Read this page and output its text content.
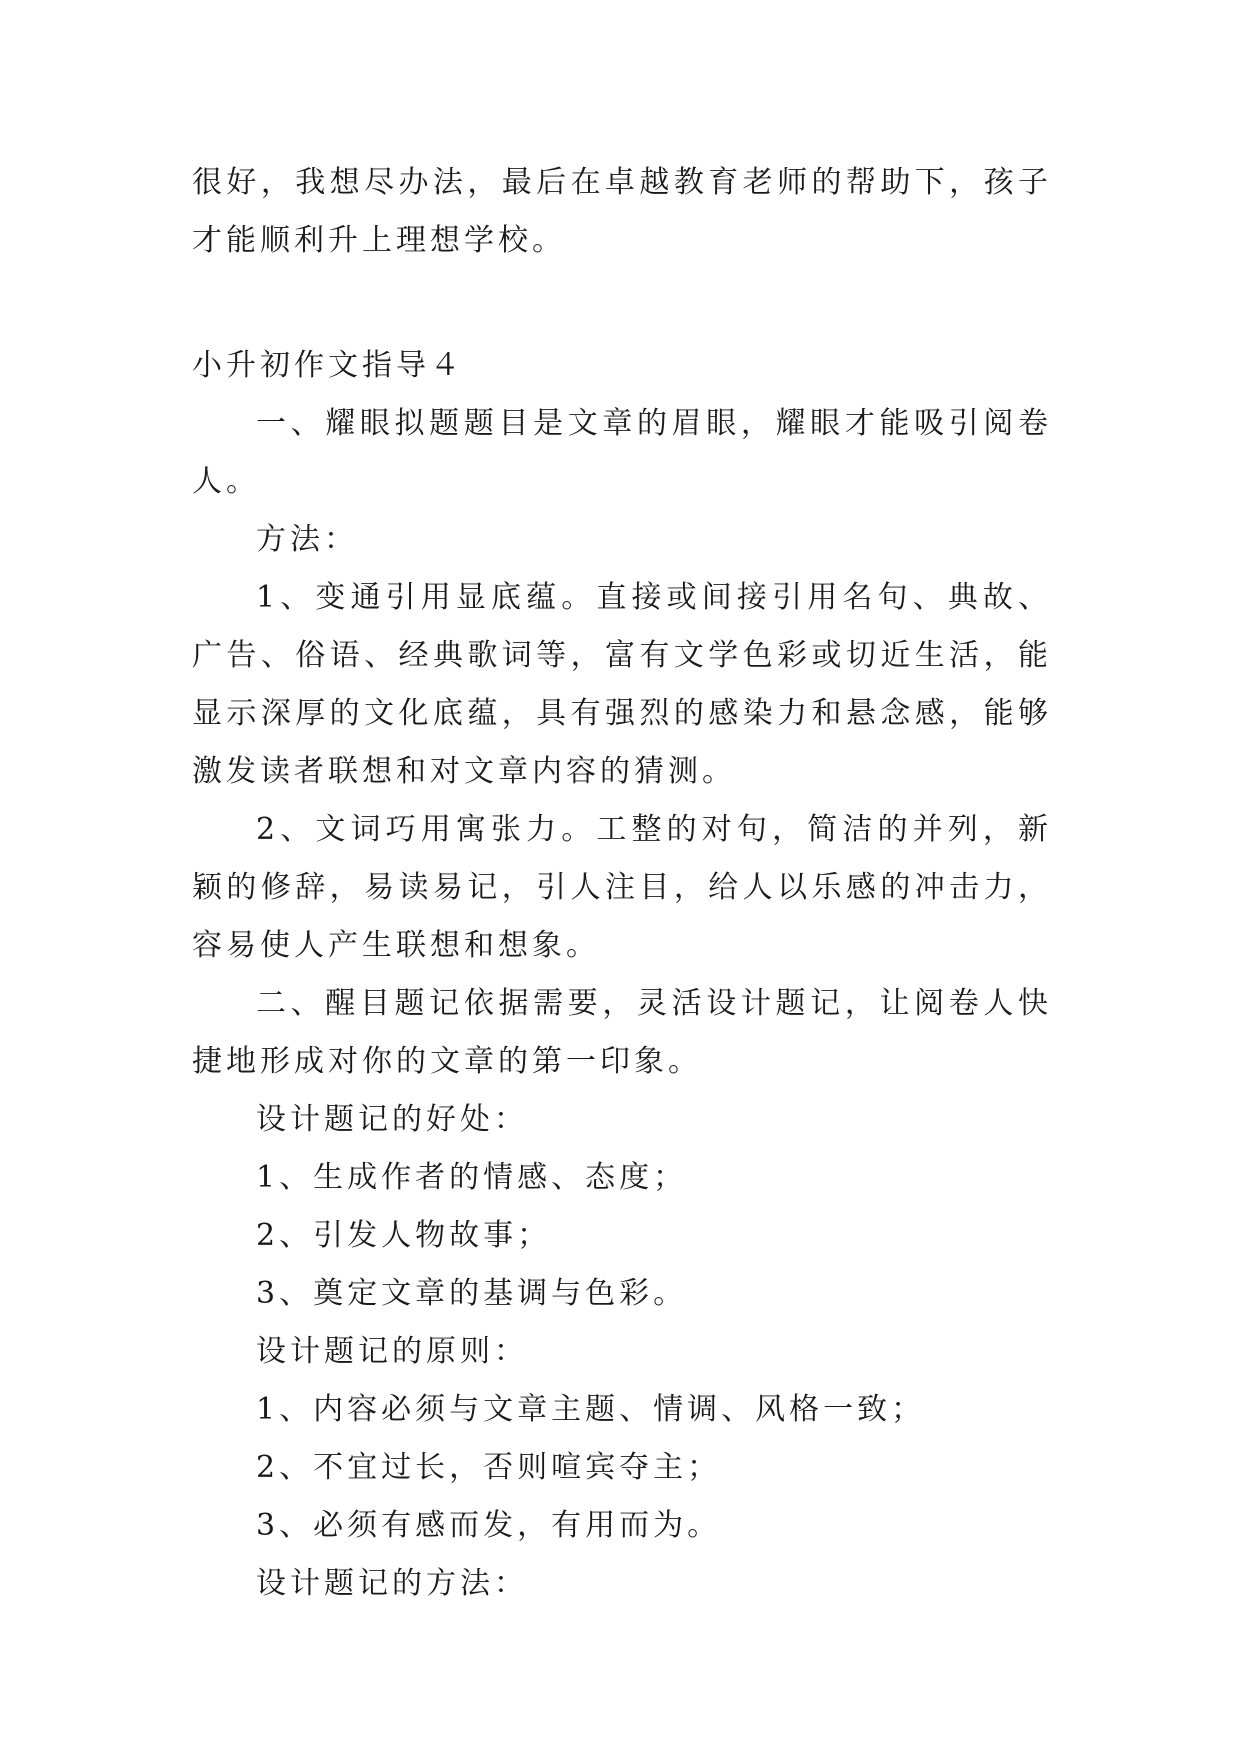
很好，我想尽办法，最后在卓越教育老师的帮助下，孩子才能顺利升上理想学校。

小升初作文指导４

一、耀眼拟题题目是文章的眉眼，耀眼才能吸引阅卷人。

方法：

1、变通引用显底蕴。直接或间接引用名句、典故、广告、俗语、经典歌词等，富有文学色彩或切近生活，能显示深厚的文化底蕴，具有强烈的感染力和悬念感，能够激发读者联想和对文章内容的猜测。

2、文词巧用寓张力。工整的对句，简洁的并列，新颖的修辞，易读易记，引人注目，给人以乐感的冲击力，容易使人产生联想和想象。

二、醒目题记依据需要，灵活设计题记，让阅卷人快捷地形成对你的文章的第一印象。

设计题记的好处：

1、生成作者的情感、态度；

2、引发人物故事；

3、奠定文章的基调与色彩。

设计题记的原则：

1、内容必须与文章主题、情调、风格一致；

2、不宜过长，否则喧宾夺主；

3、必须有感而发，有用而为。

设计题记的方法：
